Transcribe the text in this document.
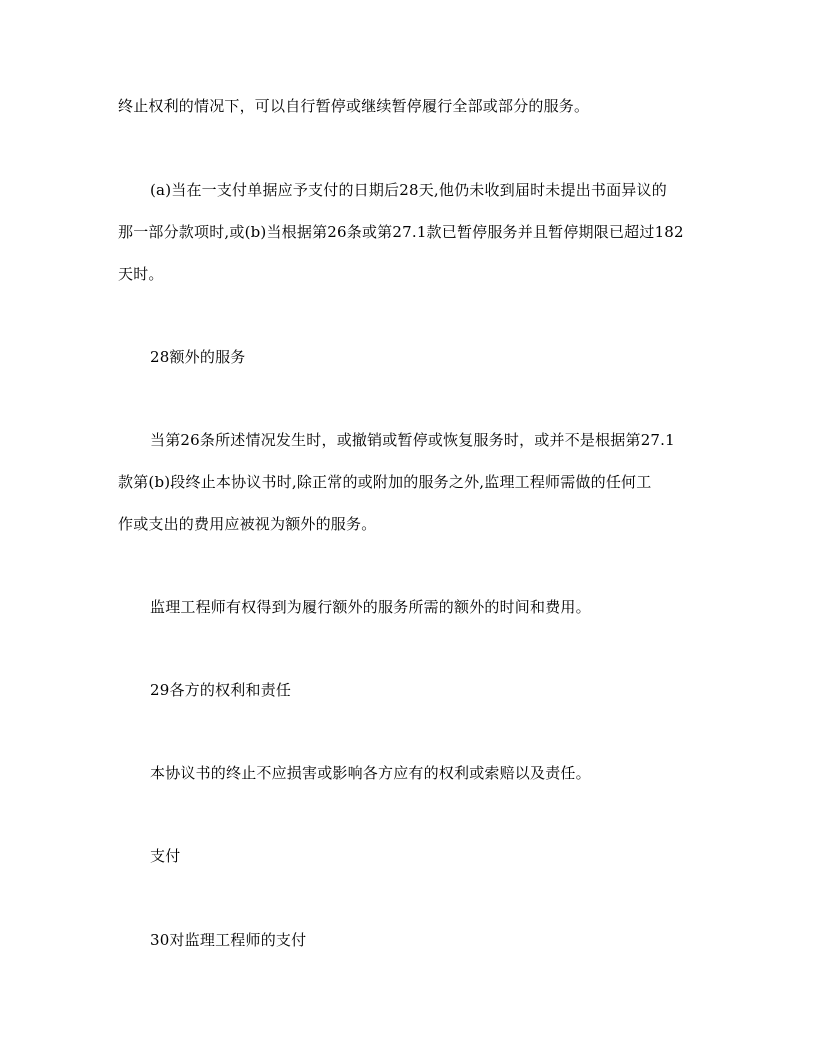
终止权利的情况下，可以自行暂停或继续暂停履行全部或部分的服务。
(a)当在一支付单据应予支付的日期后28天,他仍未收到届时未提出书面异议的
那一部分款项时,或(b)当根据第26条或第27.1款已暂停服务并且暂停期限已超过182
天时。
28额外的服务
当第26条所述情况发生时，或撤销或暂停或恢复服务时，或并不是根据第27.1
款第(b)段终止本协议书时,除正常的或附加的服务之外,监理工程师需做的任何工
作或支出的费用应被视为额外的服务。
监理工程师有权得到为履行额外的服务所需的额外的时间和费用。
29各方的权利和责任
本协议书的终止不应损害或影响各方应有的权利或索赔以及责任。
支付
30对监理工程师的支付
